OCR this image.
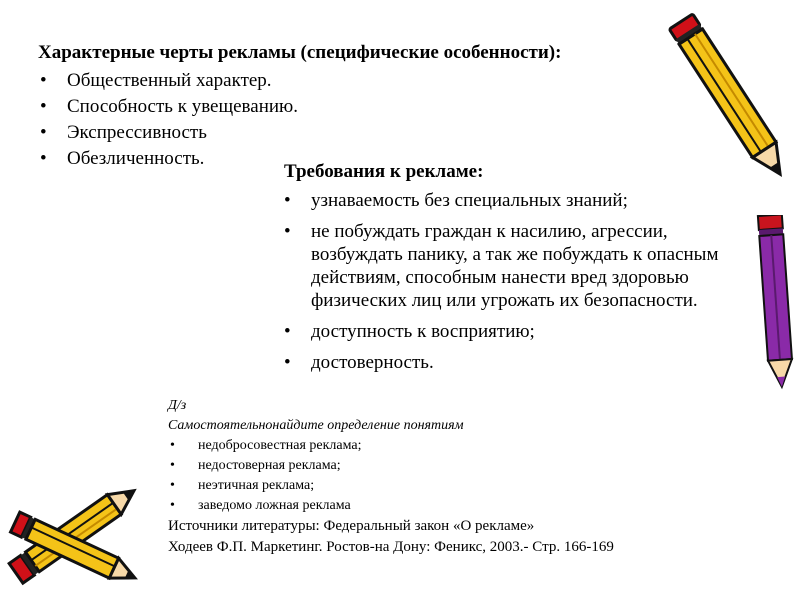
Характерные черты рекламы (специфические особенности):
• Общественный характер.
• Способность к увещеванию.
• Экспрессивность
• Обезличенность.
Требования к рекламе:
• узнаваемость без специальных знаний;
• не побуждать граждан к насилию, агрессии, возбуждать панику, а так же побуждать к опасным действиям, способным нанести вред здоровью физических лиц или угрожать их безопасности.
• доступность к восприятию;
• достоверность.
Д/з
Самостоятельнонайдите определение понятиям
• недобросовестная реклама;
• недостоверная реклама;
• неэтичная реклама;
• заведомо ложная реклама
Источники литературы: Федеральный закон «О рекламе»
Ходеев Ф.П. Маркетинг. Ростов-на Дону: Феникс, 2003.- Стр. 166-169
